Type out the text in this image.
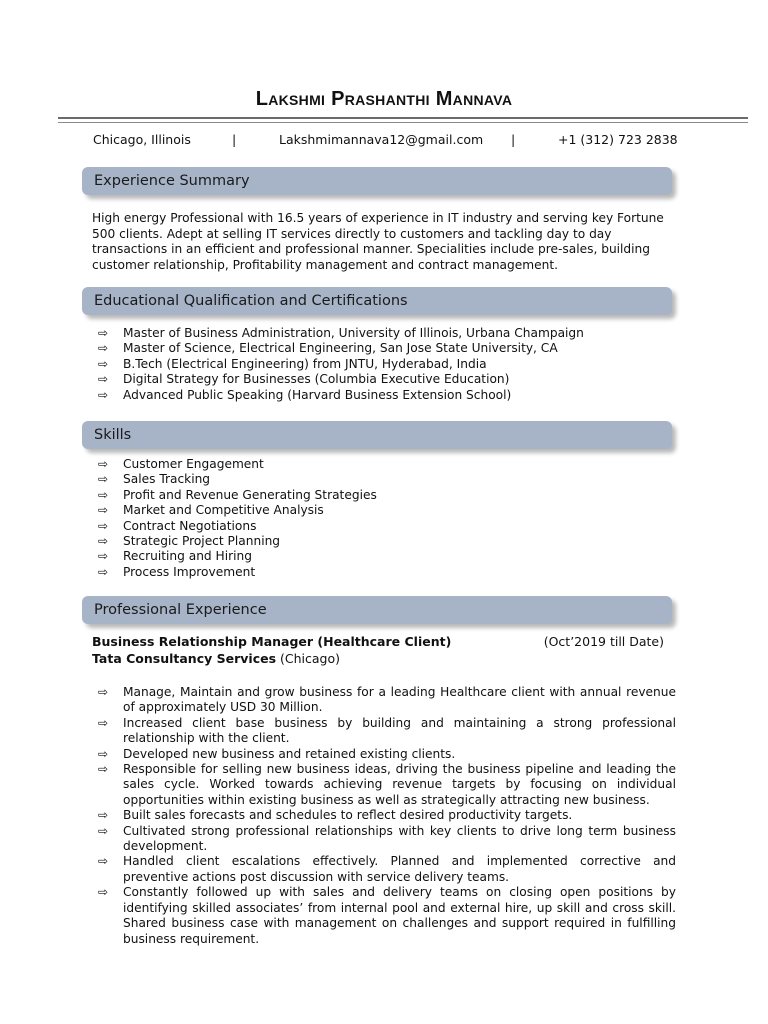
Lakshmi Prashanthi Mannava
Chicago, Illinois	|	Lakshmimannava12@gmail.com |	+1 (312) 723 2838
Experience Summary
High energy Professional with 16.5 years of experience in IT industry and serving key Fortune 500 clients. Adept at selling IT services directly to customers and tackling day to day transactions in an efficient and professional manner. Specialities include pre-sales, building customer relationship, Profitability management and contract management.
Educational Qualification and Certifications
⇨ Master of Business Administration, University of Illinois, Urbana Champaign
⇨ Master of Science, Electrical Engineering, San Jose State University, CA
⇨ B.Tech (Electrical Engineering) from JNTU, Hyderabad, India
⇨ Digital Strategy for Businesses (Columbia Executive Education)
⇨ Advanced Public Speaking (Harvard Business Extension School)
Skills
⇨ Customer Engagement
⇨ Sales Tracking
⇨ Profit and Revenue Generating Strategies
⇨ Market and Competitive Analysis
⇨ Contract Negotiations
⇨ Strategic Project Planning
⇨ Recruiting and Hiring
⇨ Process Improvement
Professional Experience
Business Relationship Manager (Healthcare Client)	(Oct’2019 till Date)
Tata Consultancy Services (Chicago)
⇨ Manage, Maintain and grow business for a leading Healthcare client with annual revenue of approximately USD 30 Million.
⇨ Increased client base business by building and maintaining a strong professional relationship with the client.
⇨ Developed new business and retained existing clients.
⇨ Responsible for selling new business ideas, driving the business pipeline and leading the sales cycle. Worked towards achieving revenue targets by focusing on individual opportunities within existing business as well as strategically attracting new business.
⇨ Built sales forecasts and schedules to reflect desired productivity targets.
⇨ Cultivated strong professional relationships with key clients to drive long term business development.
⇨ Handled client escalations effectively. Planned and implemented corrective and preventive actions post discussion with service delivery teams.
⇨ Constantly followed up with sales and delivery teams on closing open positions by identifying skilled associates’ from internal pool and external hire, up skill and cross skill. Shared business case with management on challenges and support required in fulfilling business requirement.
